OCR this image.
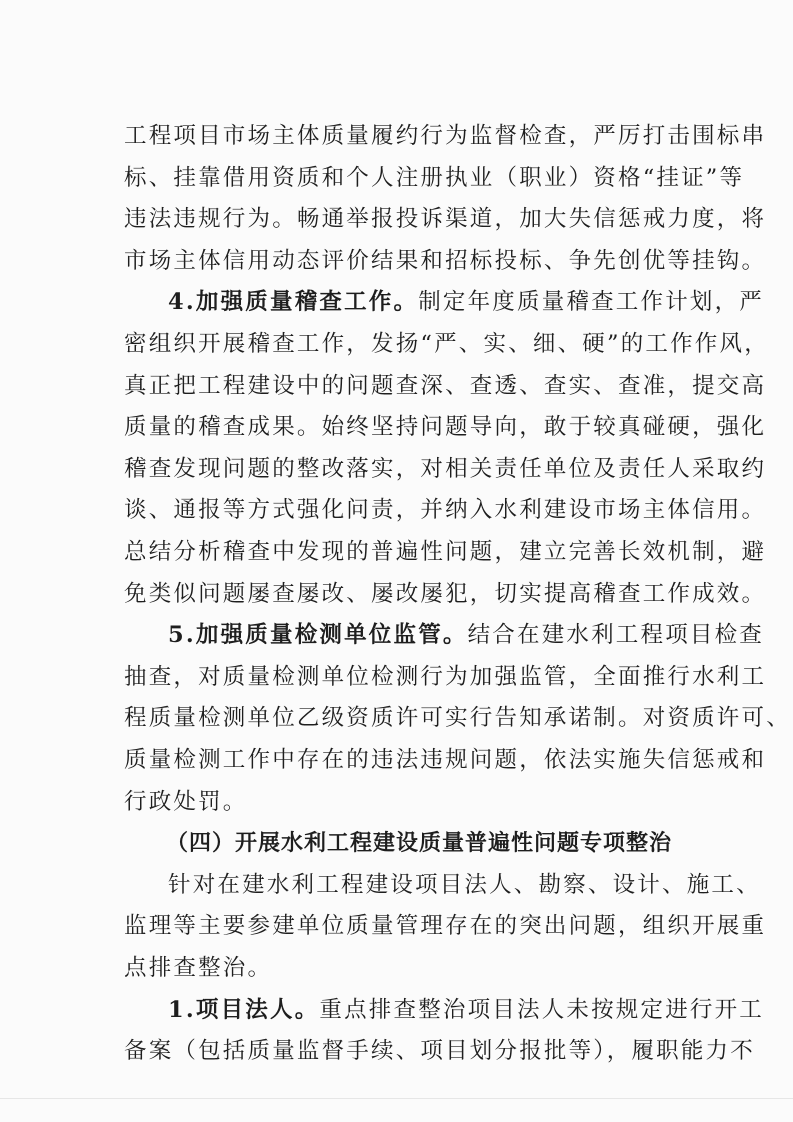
工程项目市场主体质量履约行为监督检查，严厉打击围标串
标、挂靠借用资质和个人注册执业（职业）资格“挂证”等
违法违规行为。畅通举报投诉渠道，加大失信惩戒力度，将
市场主体信用动态评价结果和招标投标、争先创优等挂钩。
4.加强质量稽查工作。制定年度质量稽查工作计划，严
密组织开展稽查工作，发扬“严、实、细、硬”的工作作风，
真正把工程建设中的问题查深、查透、查实、查准，提交高
质量的稽查成果。始终坚持问题导向，敢于较真碰硬，强化
稽查发现问题的整改落实，对相关责任单位及责任人采取约
谈、通报等方式强化问责，并纳入水利建设市场主体信用。
总结分析稽查中发现的普遍性问题，建立完善长效机制，避
免类似问题屡查屡改、屡改屡犯，切实提高稽查工作成效。
5.加强质量检测单位监管。结合在建水利工程项目检查
抽查，对质量检测单位检测行为加强监管，全面推行水利工
程质量检测单位乙级资质许可实行告知承诺制。对资质许可、
质量检测工作中存在的违法违规问题，依法实施失信惩戒和
行政处罚。
（四）开展水利工程建设质量普遍性问题专项整治
针对在建水利工程建设项目法人、勘察、设计、施工、
监理等主要参建单位质量管理存在的突出问题，组织开展重
点排查整治。
1.项目法人。重点排查整治项目法人未按规定进行开工
备案（包括质量监督手续、项目划分报批等），履职能力不
